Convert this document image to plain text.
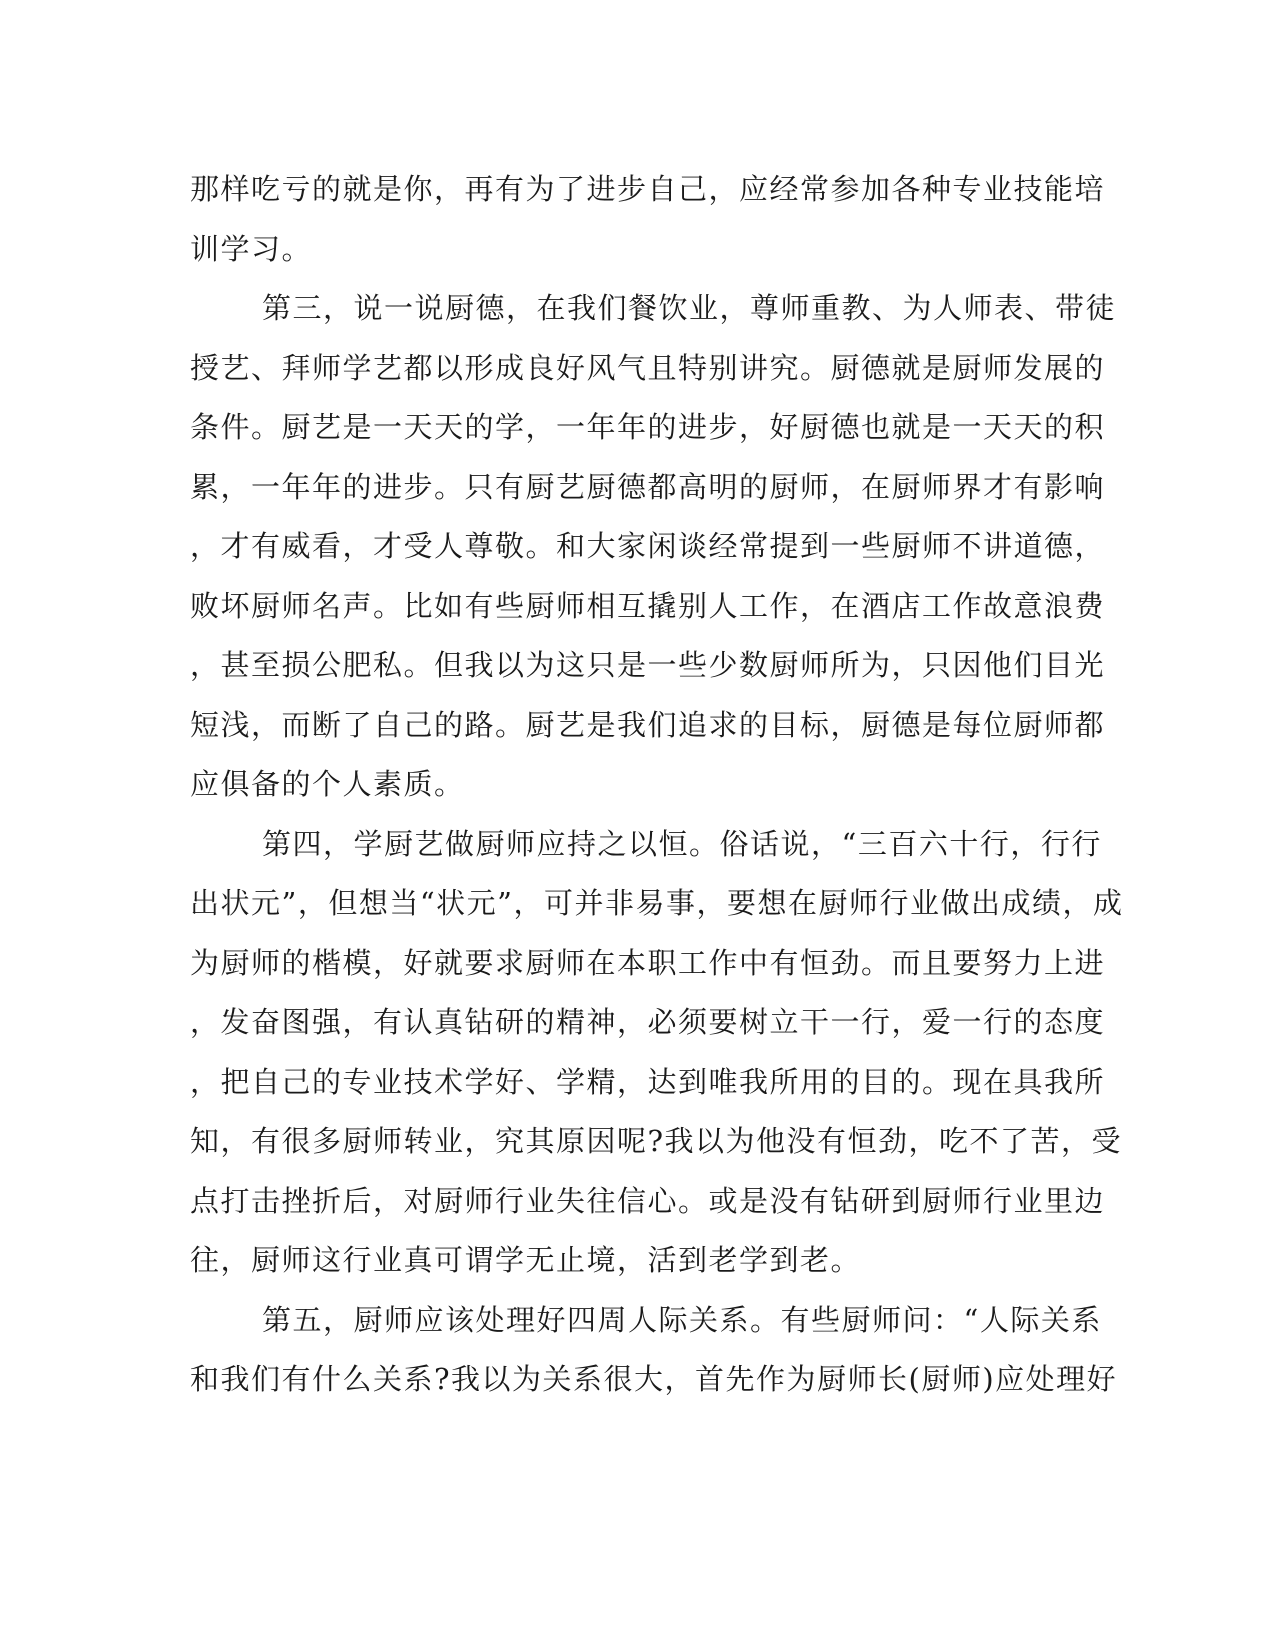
那样吃亏的就是你，再有为了进步自己，应经常参加各种专业技能培
训学习。
第三，说一说厨德，在我们餐饮业，尊师重教、为人师表、带徒
授艺、拜师学艺都以形成良好风气且特别讲究。厨德就是厨师发展的
条件。厨艺是一天天的学，一年年的进步，好厨德也就是一天天的积
累，一年年的进步。只有厨艺厨德都高明的厨师，在厨师界才有影响
，才有威看，才受人尊敬。和大家闲谈经常提到一些厨师不讲道德，
败坏厨师名声。比如有些厨师相互撬别人工作，在酒店工作故意浪费
，甚至损公肥私。但我以为这只是一些少数厨师所为，只因他们目光
短浅，而断了自己的路。厨艺是我们追求的目标，厨德是每位厨师都
应俱备的个人素质。
第四，学厨艺做厨师应持之以恒。俗话说，“三百六十行，行行
出状元”，但想当“状元”，可并非易事，要想在厨师行业做出成绩，成
为厨师的楷模，好就要求厨师在本职工作中有恒劲。而且要努力上进
，发奋图强，有认真钻研的精神，必须要树立干一行，爱一行的态度
，把自己的专业技术学好、学精，达到唯我所用的目的。现在具我所
知，有很多厨师转业，究其原因呢?我以为他没有恒劲，吃不了苦，受
点打击挫折后，对厨师行业失往信心。或是没有钻研到厨师行业里边
往，厨师这行业真可谓学无止境，活到老学到老。
第五，厨师应该处理好四周人际关系。有些厨师问：“人际关系
和我们有什么关系?我以为关系很大，首先作为厨师长(厨师)应处理好
